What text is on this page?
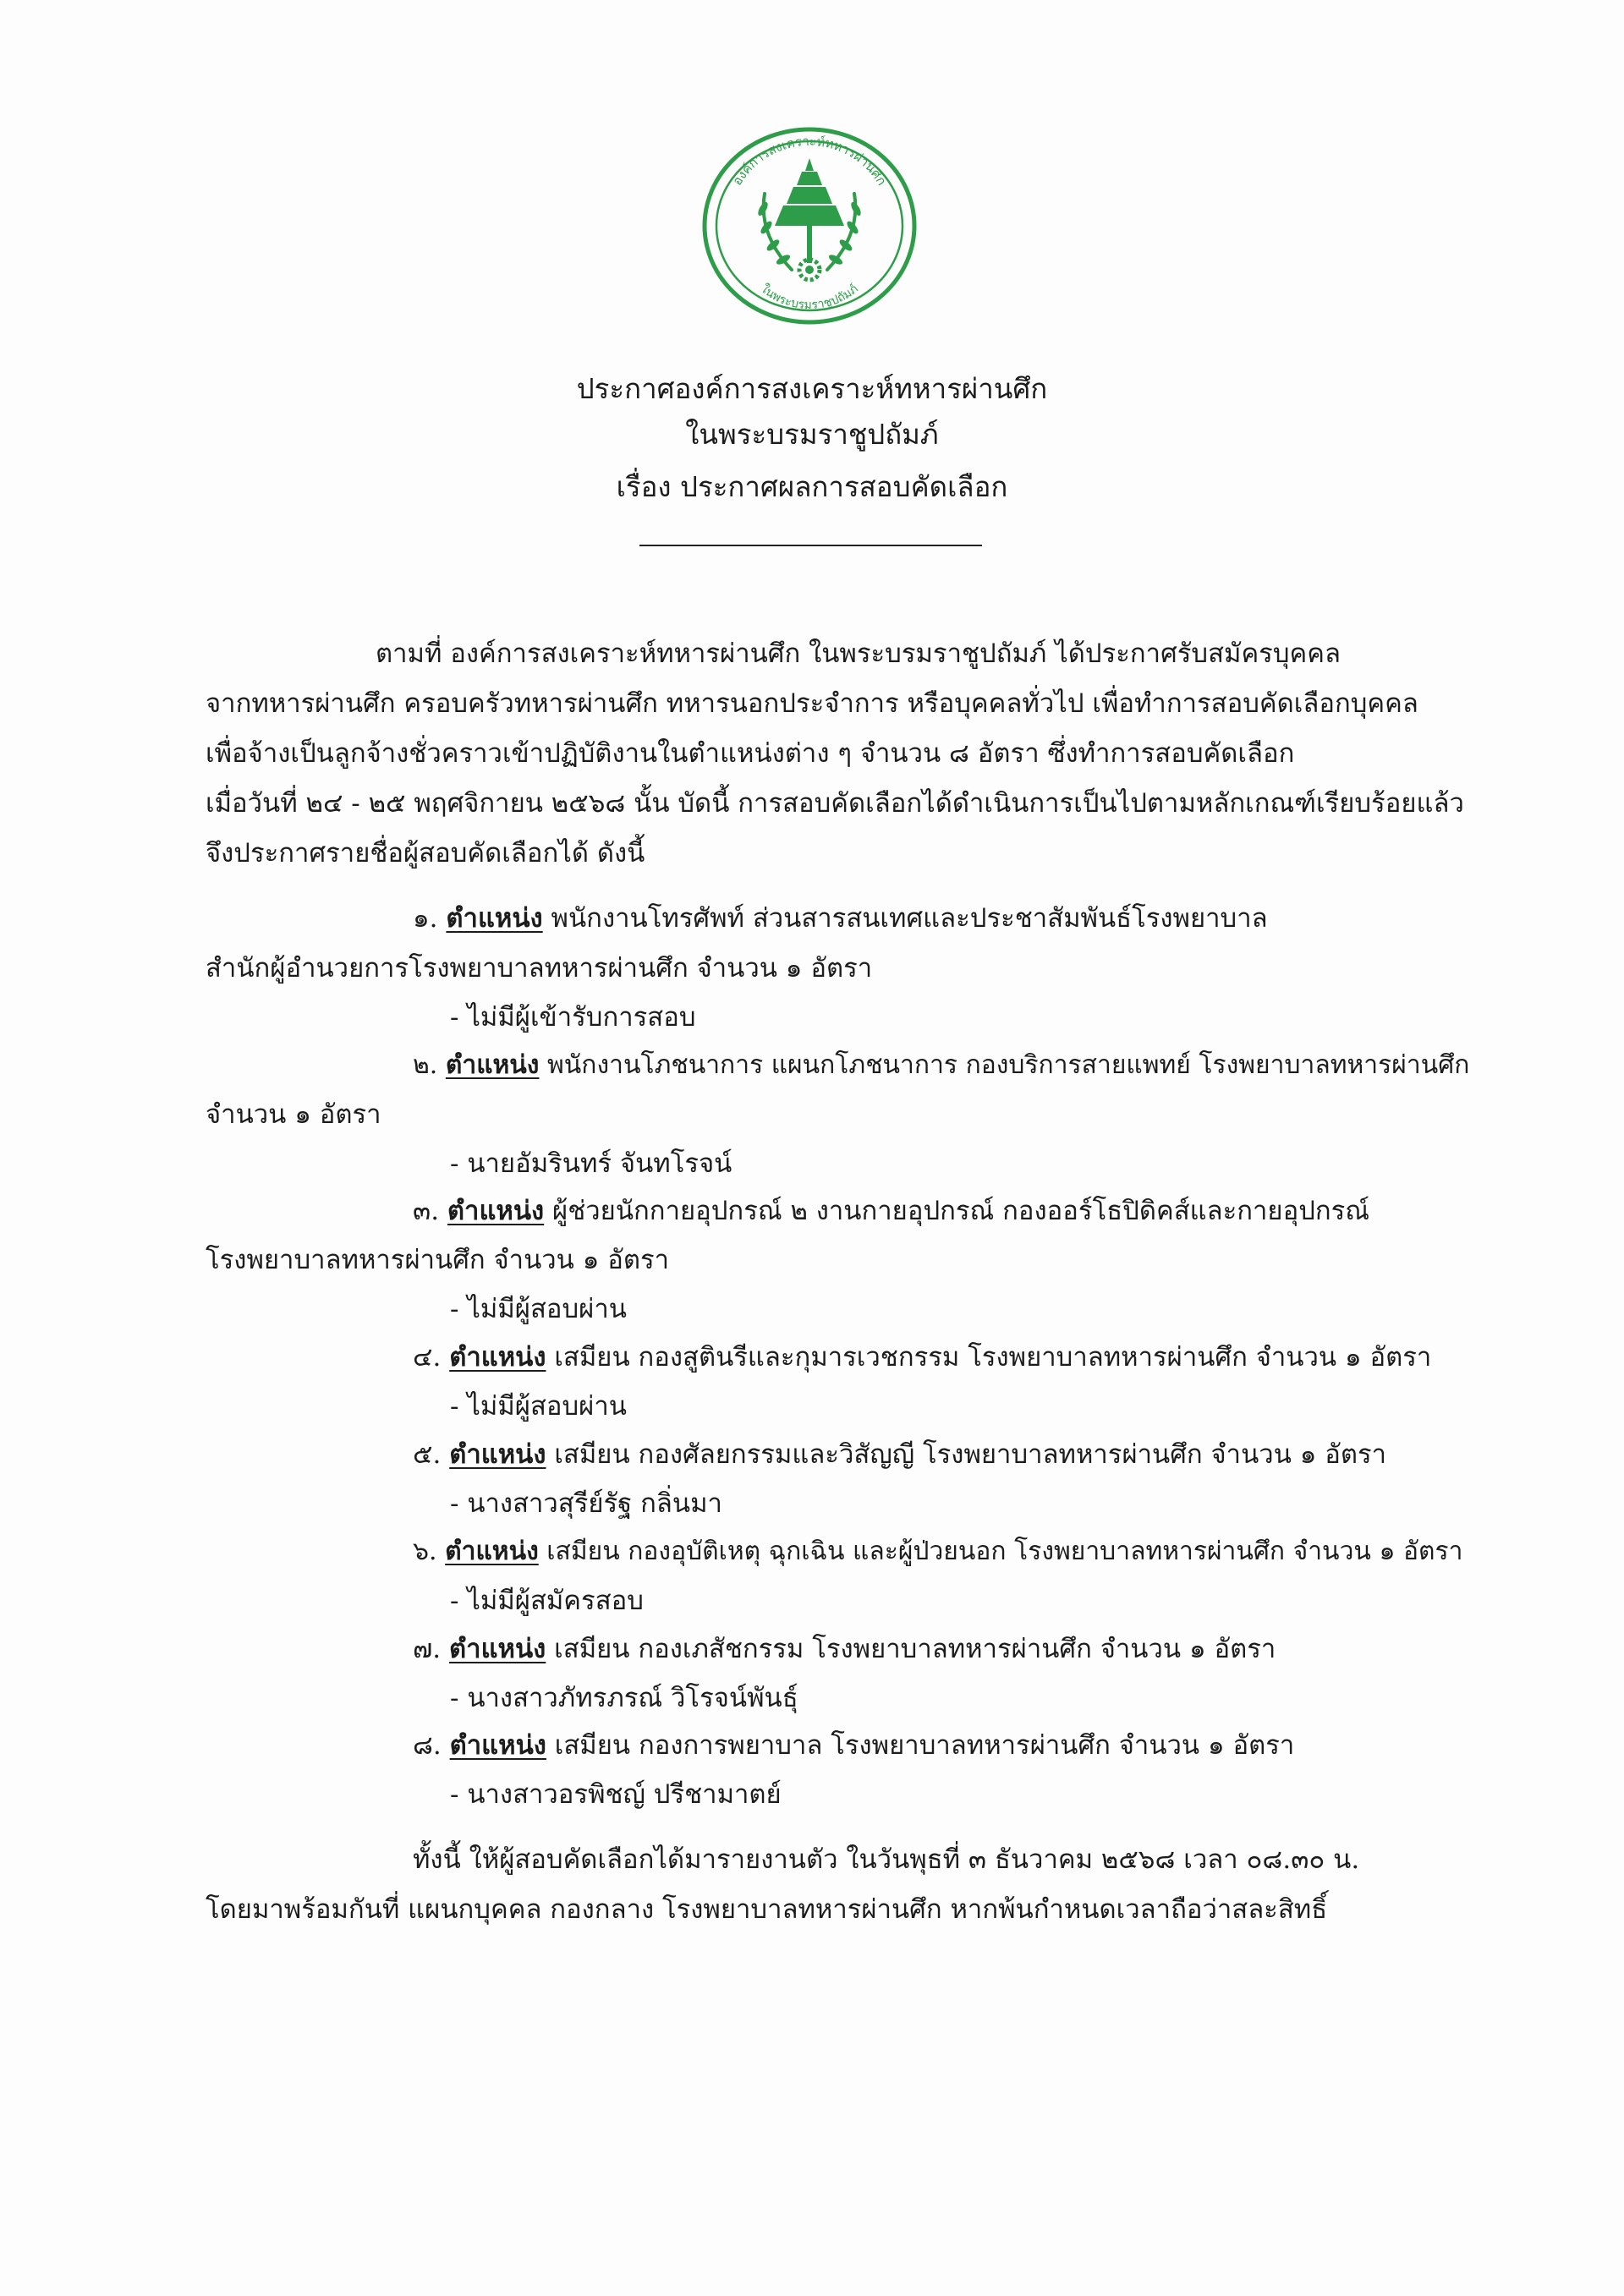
องค์การสงเคราะห์ทหารผ่านศึก
ในพระบรมราชูปถัมภ์
ประกาศองค์การสงเคราะห์ทหารผ่านศึก
ในพระบรมราชูปถัมภ์
เรื่อง ประกาศผลการสอบคัดเลือก
ตามที่ องค์การสงเคราะห์ทหารผ่านศึก ในพระบรมราชูปถัมภ์ ได้ประกาศรับสมัครบุคคล
จากทหารผ่านศึก ครอบครัวทหารผ่านศึก ทหารนอกประจำการ หรือบุคคลทั่วไป เพื่อทำการสอบคัดเลือกบุคคล
เพื่อจ้างเป็นลูกจ้างชั่วคราวเข้าปฏิบัติงานในตำแหน่งต่าง ๆ จำนวน ๘ อัตรา ซึ่งทำการสอบคัดเลือก
เมื่อวันที่ ๒๔ - ๒๕ พฤศจิกายน ๒๕๖๘ นั้น บัดนี้ การสอบคัดเลือกได้ดำเนินการเป็นไปตามหลักเกณฑ์เรียบร้อยแล้ว
จึงประกาศรายชื่อผู้สอบคัดเลือกได้ ดังนี้
๑. ตำแหน่ง พนักงานโทรศัพท์ ส่วนสารสนเทศและประชาสัมพันธ์โรงพยาบาล
สำนักผู้อำนวยการโรงพยาบาลทหารผ่านศึก จำนวน ๑ อัตรา
- ไม่มีผู้เข้ารับการสอบ
๒. ตำแหน่ง พนักงานโภชนาการ แผนกโภชนาการ กองบริการสายแพทย์ โรงพยาบาลทหารผ่านศึก
จำนวน ๑ อัตรา
- นายอัมรินทร์ จันทโรจน์
๓. ตำแหน่ง ผู้ช่วยนักกายอุปกรณ์ ๒ งานกายอุปกรณ์ กองออร์โธปิดิคส์และกายอุปกรณ์
โรงพยาบาลทหารผ่านศึก จำนวน ๑ อัตรา
- ไม่มีผู้สอบผ่าน
๔. ตำแหน่ง เสมียน กองสูตินรีและกุมารเวชกรรม โรงพยาบาลทหารผ่านศึก จำนวน ๑ อัตรา
- ไม่มีผู้สอบผ่าน
๕. ตำแหน่ง เสมียน กองศัลยกรรมและวิสัญญี โรงพยาบาลทหารผ่านศึก จำนวน ๑ อัตรา
- นางสาวสุรีย์รัฐ กลิ่นมา
๖. ตำแหน่ง เสมียน กองอุบัติเหตุ ฉุกเฉิน และผู้ป่วยนอก โรงพยาบาลทหารผ่านศึก จำนวน ๑ อัตรา
- ไม่มีผู้สมัครสอบ
๗. ตำแหน่ง เสมียน กองเภสัชกรรม โรงพยาบาลทหารผ่านศึก จำนวน ๑ อัตรา
- นางสาวภัทรภรณ์ วิโรจน์พันธุ์
๘. ตำแหน่ง เสมียน กองการพยาบาล โรงพยาบาลทหารผ่านศึก จำนวน ๑ อัตรา
- นางสาวอรพิชญ์ ปรีชามาตย์
ทั้งนี้ ให้ผู้สอบคัดเลือกได้มารายงานตัว ในวันพุธที่ ๓ ธันวาคม ๒๕๖๘ เวลา ๐๘.๓๐ น.
โดยมาพร้อมกันที่ แผนกบุคคล กองกลาง โรงพยาบาลทหารผ่านศึก หากพ้นกำหนดเวลาถือว่าสละสิทธิ์
